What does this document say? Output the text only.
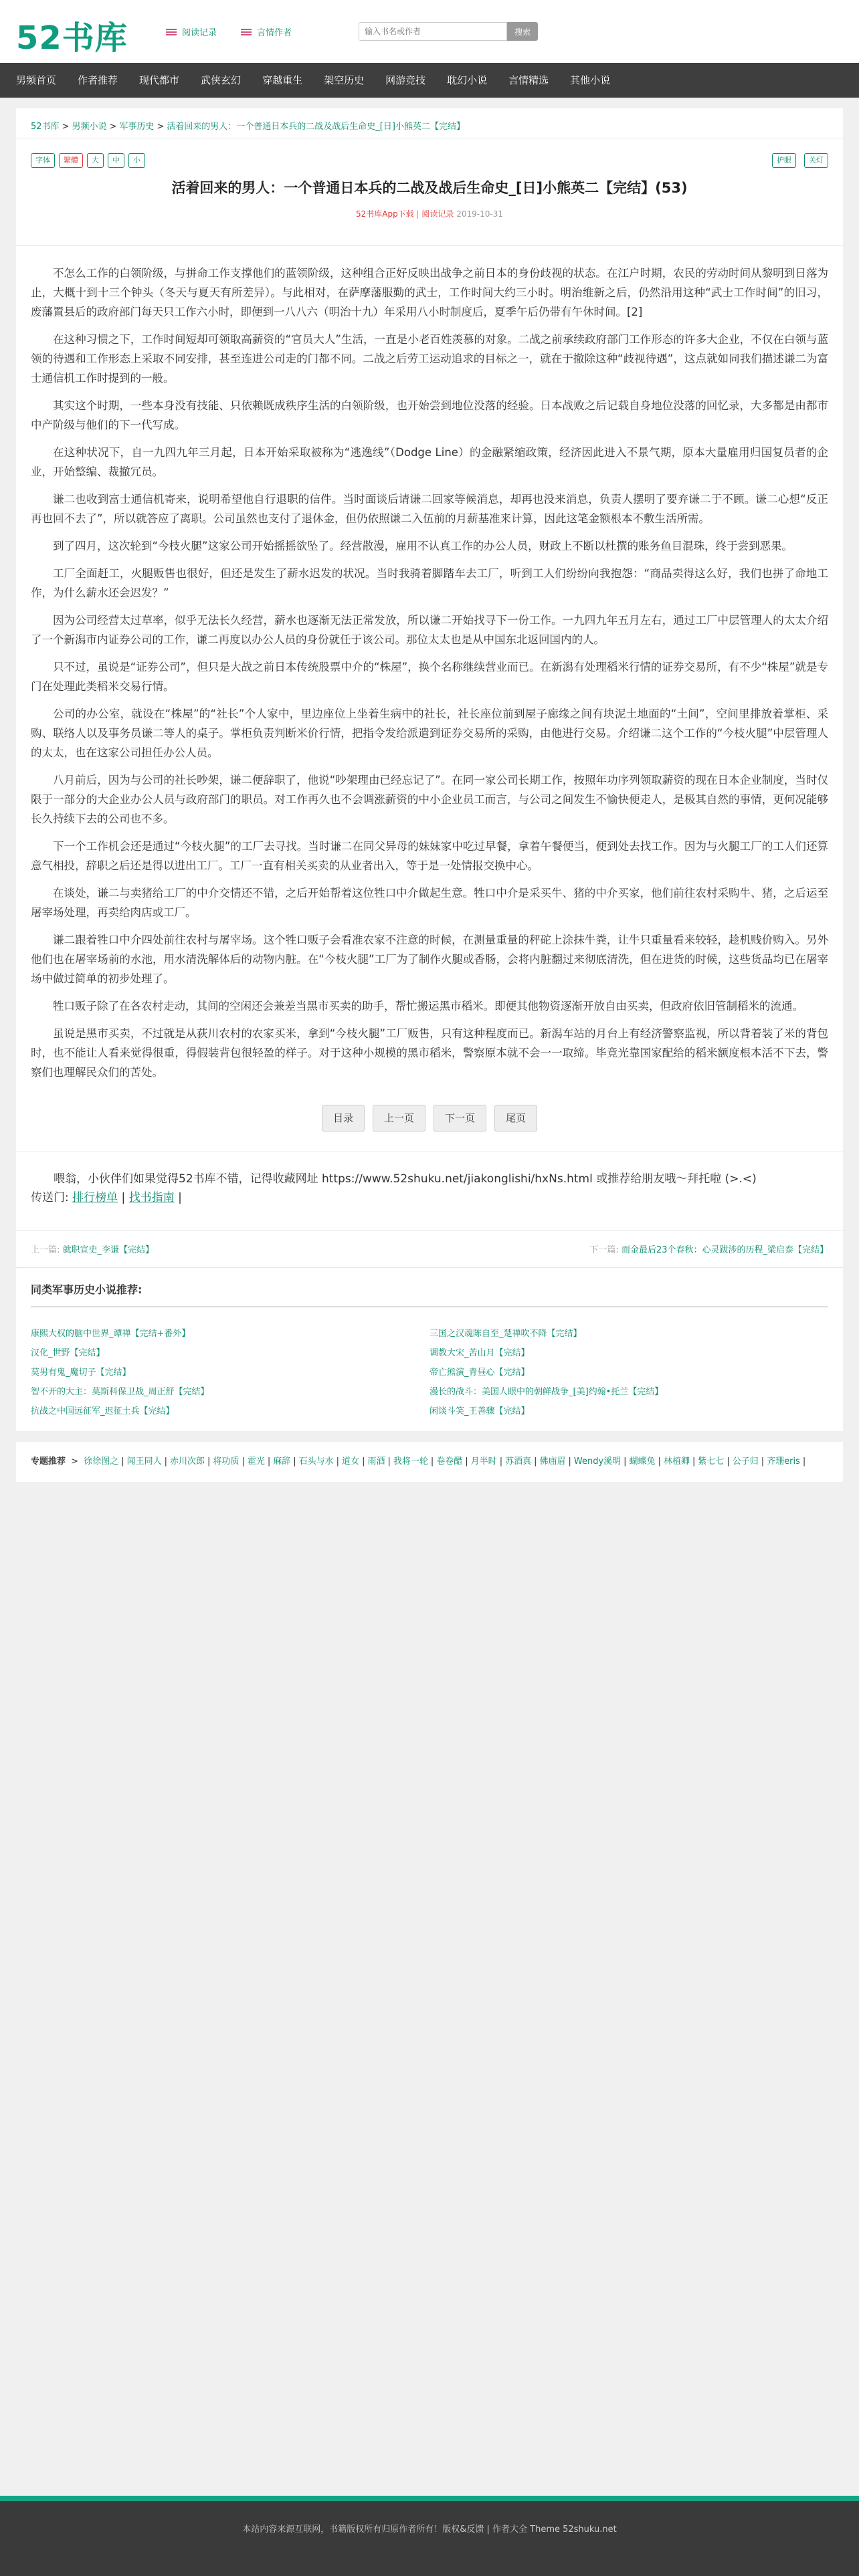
52书库	阅读记录	言情作者
输入书名或作者	搜索
男频首页	作者推荐	现代都市	武侠玄幻	穿越重生	架空历史	网游竞技	耽幻小说	言情精选	其他小说
52书库 > 男频小说 > 军事历史 > 活着回来的男人：一个普通日本兵的二战及战后生命史_[日]小熊英二【完结】
字体	繁體	大	中	小	护眼	关灯
活着回来的男人：一个普通日本兵的二战及战后生命史_[日]小熊英二【完结】(53)
52书库App下载 | 阅读记录 2019-10-31

不怎么工作的白领阶级，与拼命工作支撑他们的蓝领阶级，这种组合正好反映出战争之前日本的身份歧视的状态。在江户时期，农民的劳动时间从黎明到日落为止，大概十到十三个钟头（冬天与夏天有所差异）。与此相对，在萨摩藩服勤的武士，工作时间大约三小时。明治维新之后，仍然沿用这种“武士工作时间”的旧习，废藩置县后的政府部门每天只工作六小时，即便到一八八六（明治十九）年采用八小时制度后，夏季午后仍带有午休时间。[2]

在这种习惯之下，工作时间短却可领取高薪资的“官员大人”生活，一直是小老百姓羡慕的对象。二战之前承续政府部门工作形态的许多大企业，不仅在白领与蓝领的待遇和工作形态上采取不同安排，甚至连进公司走的门都不同。二战之后劳工运动追求的目标之一，就在于撤除这种“歧视待遇”，这点就如同我们描述谦二为富士通信机工作时提到的一般。

其实这个时期，一些本身没有技能、只依赖既成秩序生活的白领阶级，也开始尝到地位没落的经验。日本战败之后记载自身地位没落的回忆录，大多都是由都市中产阶级与他们的下一代写成。

在这种状况下，自一九四九年三月起，日本开始采取被称为“逃逸线”（Dodge Line）的金融紧缩政策，经济因此进入不景气期，原本大量雇用归国复员者的企业，开始整编、裁撤冗员。

谦二也收到富士通信机寄来，说明希望他自行退职的信件。当时面谈后请谦二回家等候消息，却再也没来消息，负责人摆明了要弃谦二于不顾。谦二心想“反正再也回不去了”，所以就答应了离职。公司虽然也支付了退休金，但仍依照谦二入伍前的月薪基准来计算，因此这笔金额根本不敷生活所需。

到了四月，这次轮到“今枝火腿”这家公司开始摇摇欲坠了。经营散漫，雇用不认真工作的办公人员，财政上不断以杜撰的账务鱼目混珠，终于尝到恶果。

工厂全面赶工，火腿贩售也很好，但还是发生了薪水迟发的状况。当时我骑着脚踏车去工厂，听到工人们纷纷向我抱怨：“商品卖得这么好，我们也拼了命地工作，为什么薪水还会迟发？”

因为公司经营太过草率，似乎无法长久经营，薪水也逐渐无法正常发放，所以谦二开始找寻下一份工作。一九四九年五月左右，通过工厂中层管理人的太太介绍了一个新潟市内证券公司的工作，谦二再度以办公人员的身份就任于该公司。那位太太也是从中国东北返回国内的人。

只不过，虽说是“证券公司”，但只是大战之前日本传统股票中介的“株屋”，换个名称继续营业而已。在新潟有处理稻米行情的证券交易所，有不少“株屋”就是专门在处理此类稻米交易行情。

公司的办公室，就设在“株屋”的“社长”个人家中，里边座位上坐着生病中的社长，社长座位前到屋子廊缘之间有块泥土地面的“土间”，空间里排放着掌柜、采购、联络人以及事务员谦二等人的桌子。掌柜负责判断米价行情，把指令发给派遣到证券交易所的采购，由他进行交易。介绍谦二这个工作的“今枝火腿”中层管理人的太太，也在这家公司担任办公人员。

八月前后，因为与公司的社长吵架，谦二便辞职了，他说“吵架理由已经忘记了”。在同一家公司长期工作，按照年功序列领取薪资的现在日本企业制度，当时仅限于一部分的大企业办公人员与政府部门的职员。对工作再久也不会调涨薪资的中小企业员工而言，与公司之间发生不愉快便走人，是极其自然的事情，更何况能够长久持续下去的公司也不多。

下一个工作机会还是通过“今枝火腿”的工厂去寻找。当时谦二在同父异母的妹妹家中吃过早餐，拿着午餐便当，便到处去找工作。因为与火腿工厂的工人们还算意气相投，辞职之后还是得以进出工厂。工厂一直有相关买卖的从业者出入，等于是一处情报交换中心。

在谈处，谦二与卖猪给工厂的中介交情还不错，之后开始帮着这位牲口中介做起生意。牲口中介是采买牛、猪的中介买家，他们前往农村采购牛、猪，之后运至屠宰场处理，再卖给肉店或工厂。

谦二跟着牲口中介四处前往农村与屠宰场。这个牲口贩子会看准农家不注意的时候，在测量重量的秤砣上涂抹牛粪，让牛只重量看来较轻，趁机贱价购入。另外他们也在屠宰场前的水池，用水清洗解体后的动物内脏。在“今枝火腿”工厂为了制作火腿或香肠，会将内脏翻过来彻底清洗，但在进货的时候，这些货品均已在屠宰场中做过简单的初步处理了。

牲口贩子除了在各农村走动，其间的空闲还会兼差当黑市买卖的助手，帮忙搬运黑市稻米。即便其他物资逐渐开放自由买卖，但政府依旧管制稻米的流通。

虽说是黑市买卖，不过就是从荻川农村的农家买米，拿到“今枝火腿”工厂贩售，只有这种程度而已。新潟车站的月台上有经济警察监视，所以背着装了米的背包时，也不能让人看来觉得很重，得假装背包很轻盈的样子。对于这种小规模的黑市稻米，警察原本就不会一一取缔。毕竟光靠国家配给的稻米额度根本活不下去，警察们也理解民众们的苦处。

目录	上一页	下一页	尾页
喂翁，小伙伴们如果觉得52书库不错，记得收藏网址 https://www.52shuku.net/jiakonglishi/hxNs.html 或推荐给朋友哦～拜托啦 (>.<)
传送门: 排行榜单 | 找书指南 |
上一篇: 就职宣史_李谦【完结】	下一篇: 而金最后23个春秋：心灵跋涉的历程_梁启泰【完结】
同类军事历史小说推荐:
康熙大权的脑中世界_谭禅【完结+番外】	三国之汉魂陈自至_楚禅吹不降【完结】
汉化_世野【完结】	调教大宋_苦山月【完结】
莫男有鬼_魔切子【完结】	帝亡熊演_青昼心【完结】
智不开的大主：莫斯科保卫战_周正舒【完结】	漫长的战斗：美国人眼中的朝鲜战争_[美]约翰•托兰【完结】
抗战之中国远征军_迟征土兵【完结】	闲谈斗笑_王善骤【完结】
专题推荐 > 徐徐图之 | 闻王同人 | 赤川次郎 | 将功质 | 霍光 | 麻辞 | 石头与水 | 道女 | 雨酒 | 我将一轮 | 卷卷醋 | 月半时 | 苏酒真 | 佛庙眉 | Wendy溪明 | 蝴蝶兔 | 林植卿 | 紫七七 | 公子归 | 齐珊eris |
本站内容来源互联网，书籍版权所有归原作者所有！版权&反馈 | 作者大全 Theme 52shuku.net
